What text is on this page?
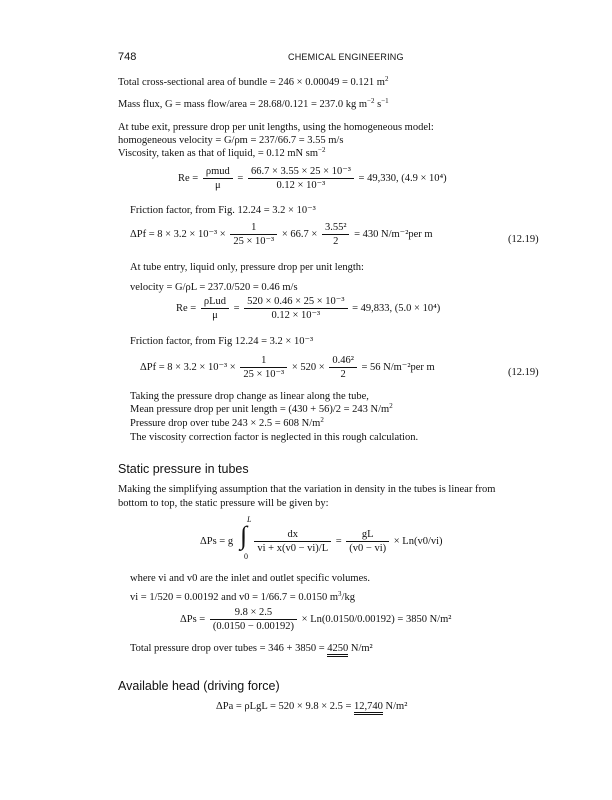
748	CHEMICAL ENGINEERING
Total cross-sectional area of bundle = 246 × 0.00049 = 0.121 $m^2$
Mass flux, G = mass flow/area = 28.68/0.121 = 237.0 kg $m^{-2}$ $s^{-1}$
At tube exit, pressure drop per unit lengths, using the homogeneous model:
homogeneous velocity = G/ρm = 237/66.7 = 3.55 m/s
Viscosity, taken as that of liquid, = 0.12 mN $sm^{-2}$
$Re = \frac{\text{ρmud}}{\mu} = \frac{\text{66.7 × 3.55 × 25 × 10⁻³}}{\text{0.12 × 10⁻³}} = 49,330$, (4.9 × 10⁴)
Friction factor, from Fig. 12.24 = 3.2 × 10⁻³
$\Delta Pf = 8 \times 3.2 \times 10^{-3} \times \frac{1}{\text{25 × 10⁻³}} \times 66.7 \times \frac{\text{3.55²}}{2} = 430$ N/m⁻²per m	(12.19)
At tube entry, liquid only, pressure drop per unit length:
velocity = G/ρL = 237.0/520 = 0.46 m/s
$Re = \frac{\text{ρLud}}{\mu} = \frac{\text{520 × 0.46 × 25 × 10⁻³}}{\text{0.12 × 10⁻³}} = 49,833$, (5.0 × 10⁴)
Friction factor, from Fig 12.24 = 3.2 × 10⁻³
$\Delta Pf = 8 \times 3.2 \times 10^{-3} \times \frac{1}{\text{25 × 10⁻³}} \times 520 \times \frac{\text{0.46²}}{2} = 56$ N/m⁻²per m	(12.19)
Taking the pressure drop change as linear along the tube,
Mean pressure drop per unit length = (430 + 56)/2 = 243 $N/m^2$
Pressure drop over tube 243 × 2.5 = 608 $N/m^2$
The viscosity correction factor is neglected in this rough calculation.
Static pressure in tubes
Making the simplifying assumption that the variation in density in the tubes is linear from
bottom to top, the static pressure will be given by:
L
∫
0
ΔPs = g $\frac{dx}{vi + x(v0 - vi)/L} = \frac{gL}{(v0 - vi)} \times Ln(v0/vi)$
where vi and v0 are the inlet and outlet specific volumes.
vi = 1/520 = 0.00192 and v0 = 1/66.7 = 0.0150 $m^3/kg$
$\Delta Ps = \frac{9.8 \times 2.5}{(0.0150 - 0.00192)} \times Ln(0.0150/0.00192) = 3850$ N/m²
Total pressure drop over tubes = 346 + 3850 = 4250 N/m²
Available head (driving force)
ΔPa = ρLgL = 520 × 9.8 × 2.5 = 12,740 N/m²
